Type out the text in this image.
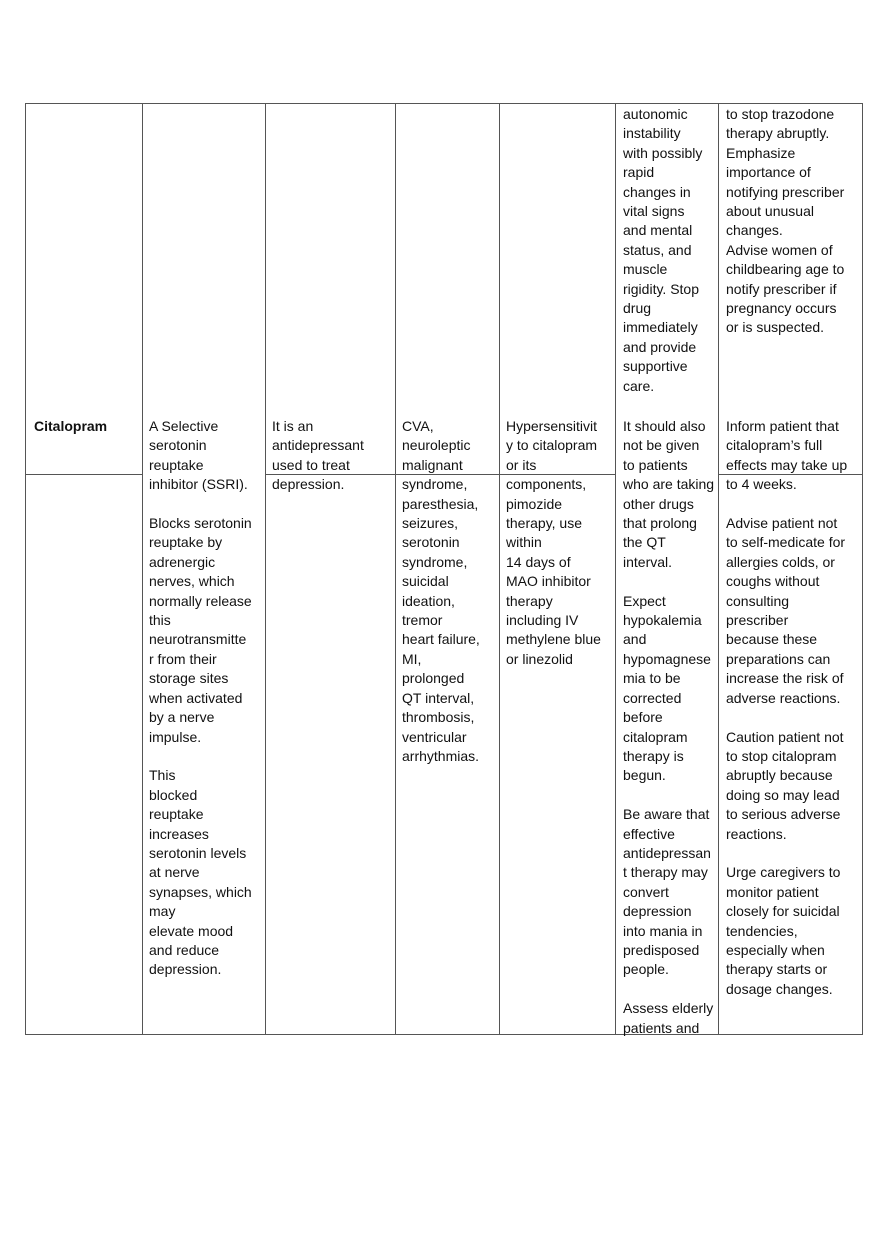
autonomic
instability
with possibly
rapid
changes in
vital signs
and mental
status, and
muscle
rigidity. Stop
drug
immediately
and provide
supportive
care.
to stop trazodone
therapy abruptly.
Emphasize
importance of
notifying prescriber
about unusual
changes.
Advise women of
childbearing age to
notify prescriber if
pregnancy occurs
or is suspected.
Citalopram	A Selective
serotonin
reuptake
inhibitor (SSRI).

Blocks serotonin
reuptake by
adrenergic
nerves, which
normally release
this
neurotransmitte
r from their
storage sites
when activated
by a nerve
impulse.

This
blocked
reuptake
increases
serotonin levels
at nerve
synapses, which
may
elevate mood
and reduce
depression.
It is an
antidepressant
used to treat
depression.
CVA,
neuroleptic
malignant
syndrome,
paresthesia,
seizures,
serotonin
syndrome,
suicidal
ideation,
tremor
heart failure,
MI,
prolonged
QT interval,
thrombosis,
ventricular
arrhythmias.
Hypersensitivit
y to citalopram
or its
components,
pimozide
therapy, use
within
14 days of
MAO inhibitor
therapy
including IV
methylene blue
or linezolid
It should also
not be given
to patients
who are taking
other drugs
that prolong
the QT
interval.

Expect
hypokalemia
and
hypomagnese
mia to be
corrected
before
citalopram
therapy is
begun.

Be aware that
effective
antidepressan
t therapy may
convert
depression
into mania in
predisposed
people.

Assess elderly
patients and
Inform patient that
citalopram’s full
effects may take up
to 4 weeks.

Advise patient not
to self-medicate for
allergies colds, or
coughs without
consulting
prescriber
because these
preparations can
increase the risk of
adverse reactions.

Caution patient not
to stop citalopram
abruptly because
doing so may lead
to serious adverse
reactions.

Urge caregivers to
monitor patient
closely for suicidal
tendencies,
especially when
therapy starts or
dosage changes.
